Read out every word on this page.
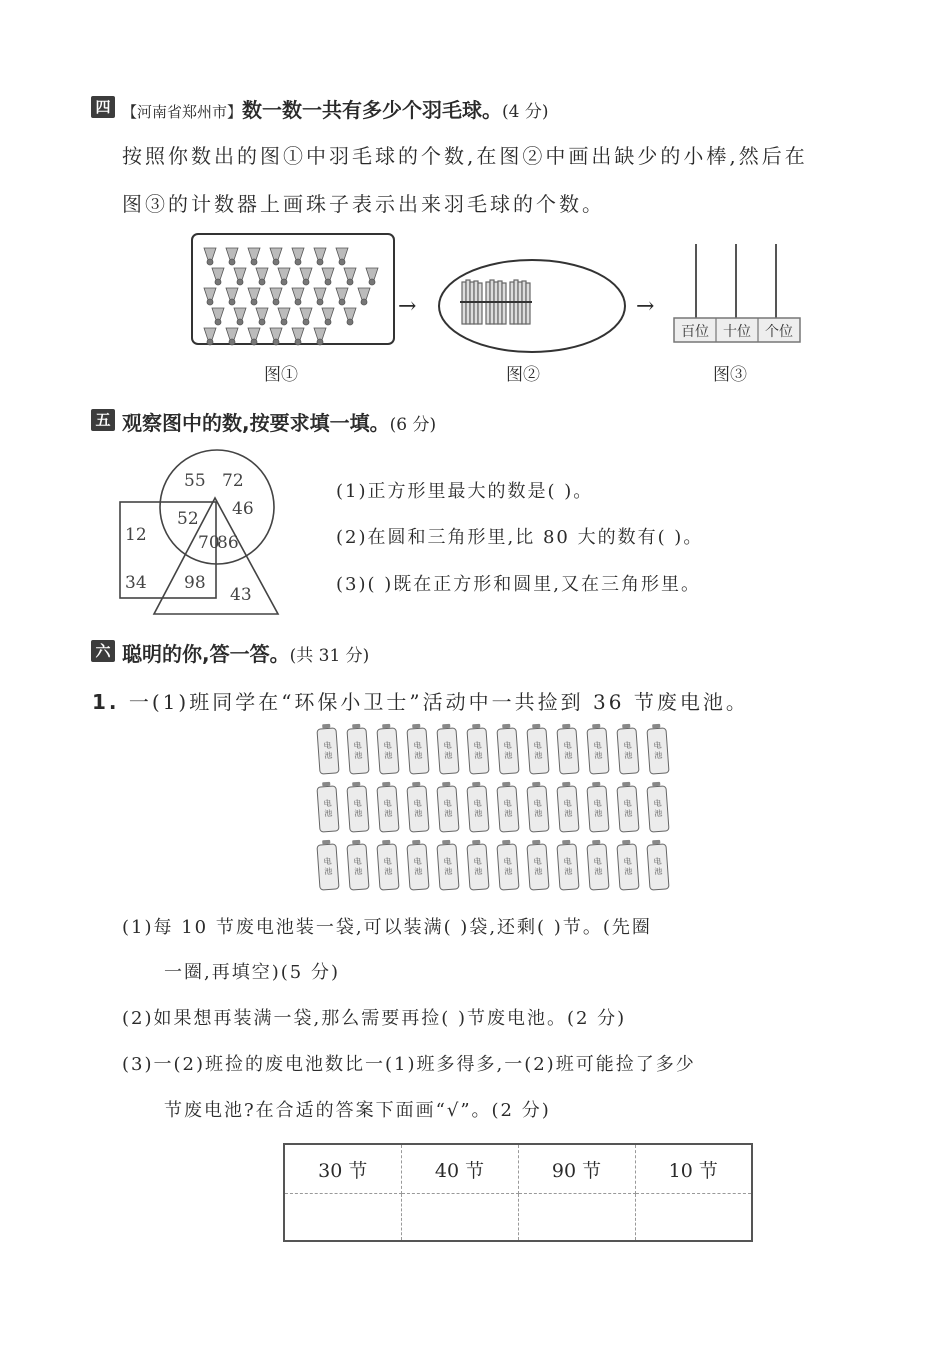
四 【河南省郑州市】数一数一共有多少个羽毛球。(4 分)
按照你数出的图①中羽毛球的个数,在图②中画出缺少的小棒,然后在
图③的计数器上画珠子表示出来羽毛球的个数。
→	→
百位 十位 个位
图①	图②	图③
五 观察图中的数,按要求填一填。(6 分)
55 72
46
52
12	70
86
34 98
43
(1)正方形里最大的数是( )。
(2)在圆和三角形里,比 80 大的数有( )。
(3)( )既在正方形和圆里,又在三角形里。
六 聪明的你,答一答。(共 31 分)
1. 一(1)班同学在“环保小卫士”活动中一共捡到 36 节废电池。
电池
电池
电池
电池
电池
电池
电池
电池
电池
电池
电池
电池
电池
电池
电池
电池
电池
电池
电池
电池
电池
电池
电池
电池
电池
电池
电池
电池
电池
电池
电池
电池
电池
电池
电池
电池
(1)每 10 节废电池装一袋,可以装满( )袋,还剩( )节。(先圈
一圈,再填空)(5 分)
(2)如果想再装满一袋,那么需要再捡( )节废电池。(2 分)
(3)一(2)班捡的废电池数比一(1)班多得多,一(2)班可能捡了多少
节废电池?在合适的答案下面画“√”。(2 分)
30 节	40 节	90 节	10 节
